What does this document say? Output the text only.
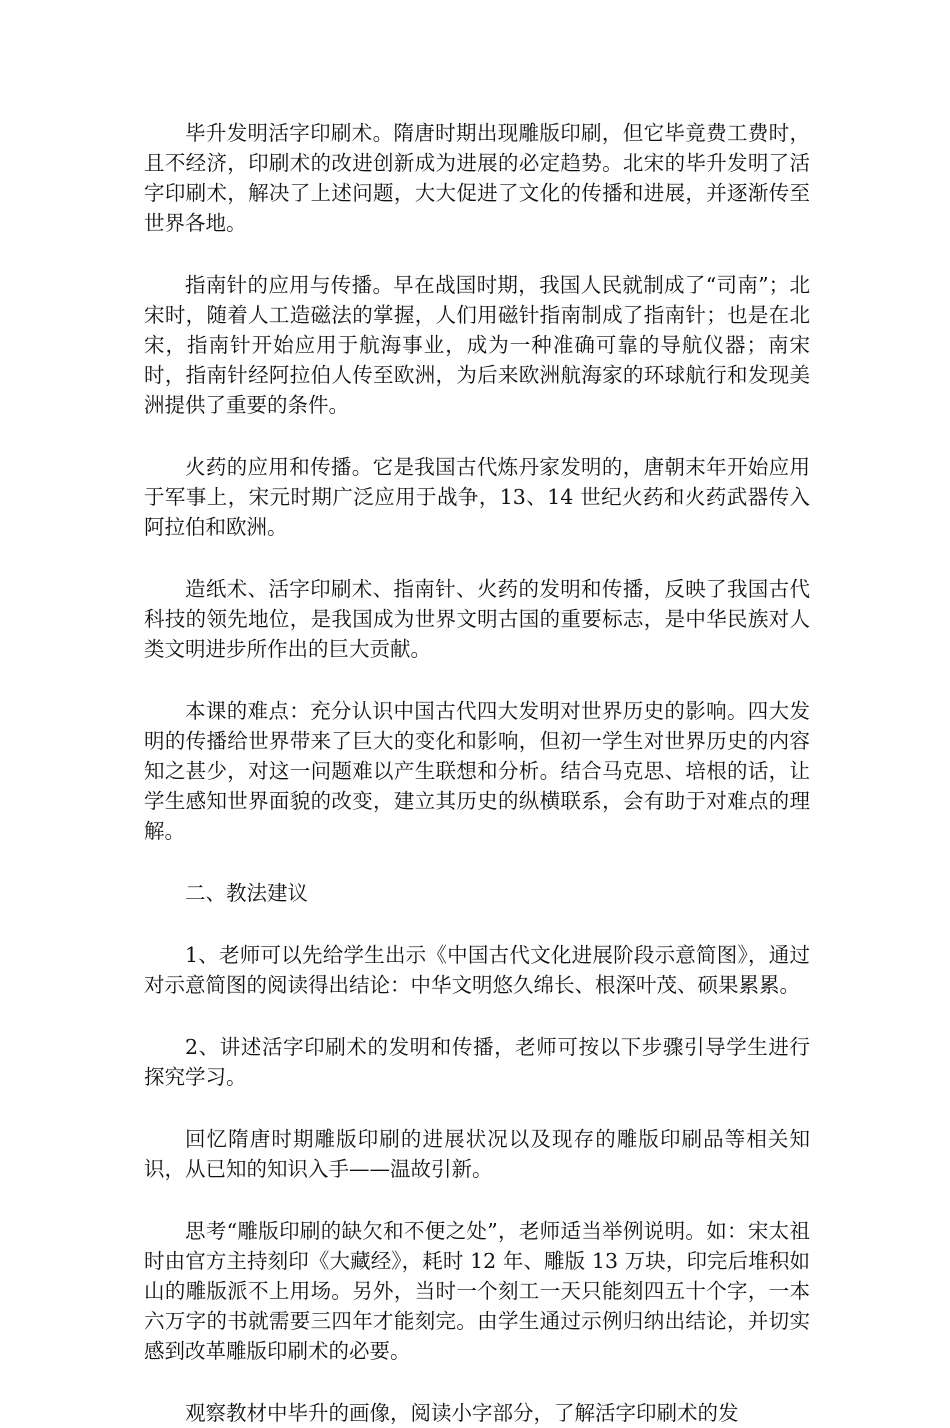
毕升发明活字印刷术。隋唐时期出现雕版印刷，但它毕竟费工费时，且不经济，印刷术的改进创新成为进展的必定趋势。北宋的毕升发明了活字印刷术，解决了上述问题，大大促进了文化的传播和进展，并逐渐传至世界各地。

指南针的应用与传播。早在战国时期，我国人民就制成了“司南”；北宋时，随着人工造磁法的掌握，人们用磁针指南制成了指南针；也是在北宋，指南针开始应用于航海事业，成为一种准确可靠的导航仪器；南宋时，指南针经阿拉伯人传至欧洲，为后来欧洲航海家的环球航行和发现美洲提供了重要的条件。

火药的应用和传播。它是我国古代炼丹家发明的，唐朝末年开始应用于军事上，宋元时期广泛应用于战争，13、14 世纪火药和火药武器传入阿拉伯和欧洲。

造纸术、活字印刷术、指南针、火药的发明和传播，反映了我国古代科技的领先地位，是我国成为世界文明古国的重要标志，是中华民族对人类文明进步所作出的巨大贡献。

本课的难点：充分认识中国古代四大发明对世界历史的影响。四大发明的传播给世界带来了巨大的变化和影响，但初一学生对世界历史的内容知之甚少，对这一问题难以产生联想和分析。结合马克思、培根的话，让学生感知世界面貌的改变，建立其历史的纵横联系，会有助于对难点的理解。

二、教法建议

1、老师可以先给学生出示《中国古代文化进展阶段示意简图》，通过对示意简图的阅读得出结论：中华文明悠久绵长、根深叶茂、硕果累累。

2、讲述活字印刷术的发明和传播，老师可按以下步骤引导学生进行探究学习。

回忆隋唐时期雕版印刷的进展状况以及现存的雕版印刷品等相关知识，从已知的知识入手——温故引新。

思考“雕版印刷的缺欠和不便之处”，老师适当举例说明。如：宋太祖时由官方主持刻印《大藏经》，耗时 12 年、雕版 13 万块，印完后堆积如山的雕版派不上用场。另外，当时一个刻工一天只能刻四五十个字，一本六万字的书就需要三四年才能刻完。由学生通过示例归纳出结论，并切实感到改革雕版印刷术的必要。

观察教材中毕升的画像，阅读小字部分，了解活字印刷术的发
